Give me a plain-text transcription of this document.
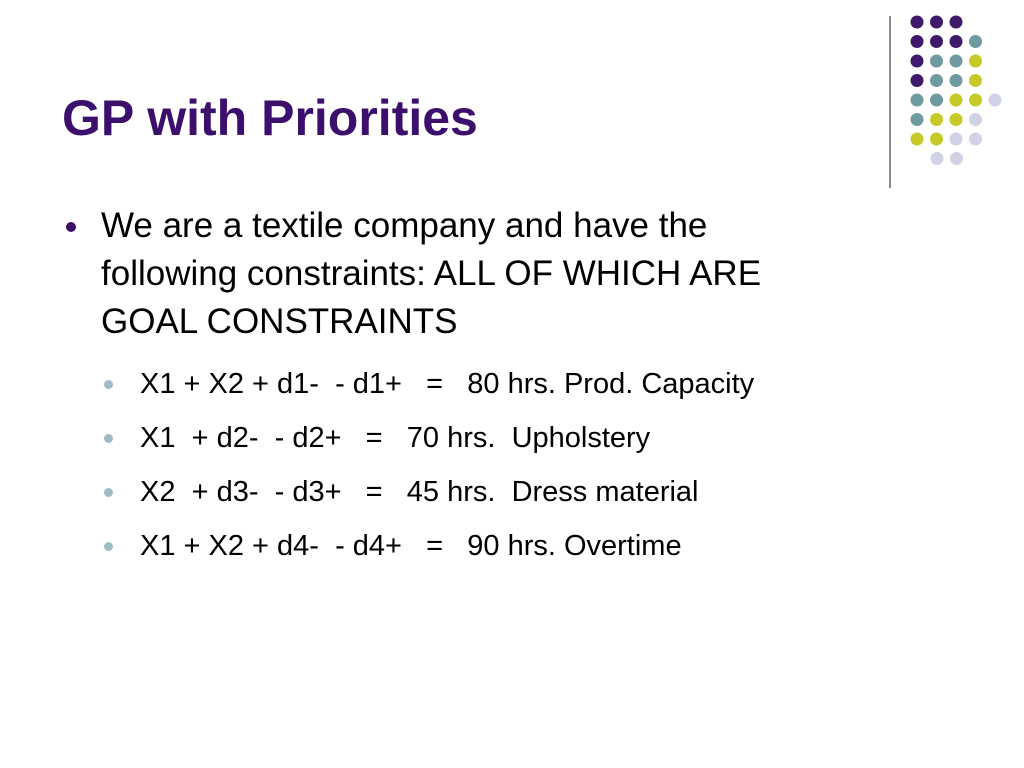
GP with Priorities
We are a textile company and have the
following constraints: ALL OF WHICH ARE
GOAL CONSTRAINTS
X1 + X2 + d1-  - d1+   =   80 hrs. Prod. Capacity
X1  + d2-  - d2+   =   70 hrs.  Upholstery
X2  + d3-  - d3+   =   45 hrs.  Dress material
X1 + X2 + d4-  - d4+   =   90 hrs. Overtime
